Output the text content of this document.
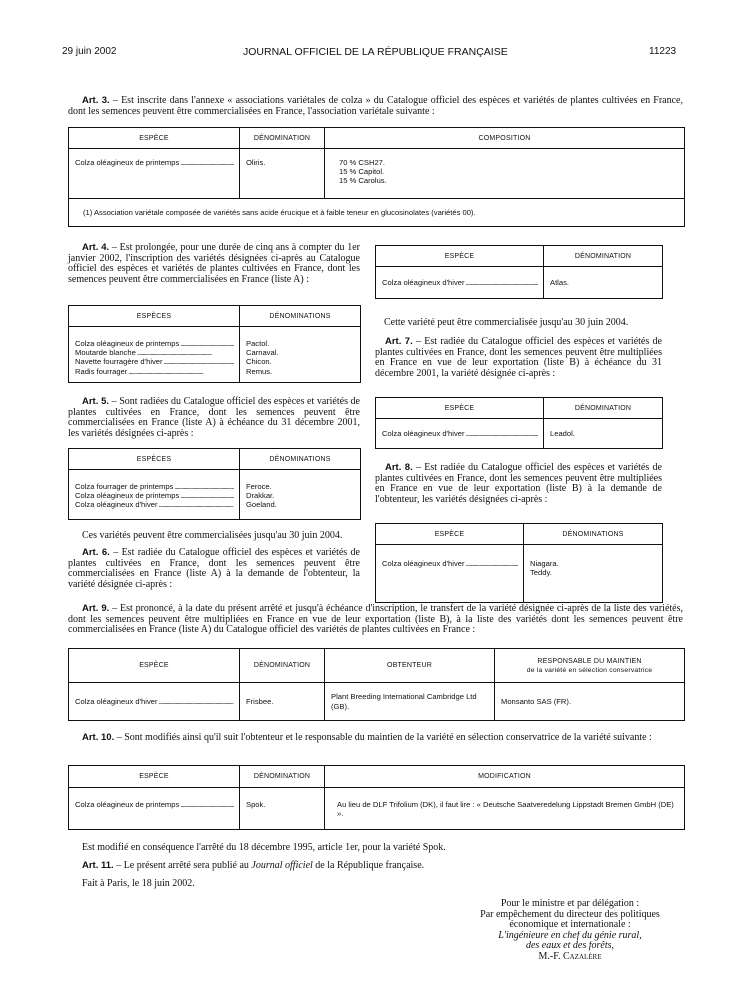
29 juin 2002	JOURNAL OFFICIEL DE LA RÉPUBLIQUE FRANÇAISE	11223

Art. 3. – Est inscrite dans l'annexe « associations variétales de colza » du Catalogue officiel des espèces et variétés de plantes cultivées en France, dont les semences peuvent être commercialisées en France, l'association variétale suivante :

ESPÈCE	DÉNOMINATION	COMPOSITION

Colza oléagineux de printemps .....	Oliris.	70 % CSH27.
15 % Capitol.
15 % Carolus.

(1) Association variétale composée de variétés sans acide érucique et à faible teneur en glucosinolates (variétés 00).		

Art. 4. – Est prolongée, pour une durée de cinq ans à compter du 1er janvier 2002, l'inscription des variétés désignées ci-après au Catalogue officiel des espèces et variétés de plantes cultivées en France, dont les semences peuvent être commercialisées en France (liste A) :

ESPÈCES	DÉNOMINATIONS

Colza oléagineux de printemps .....
Moutarde blanche .....
Navette fourragère d'hiver .....
Radis fourrager .....	Pactol.
Carnaval.
Chicon.
Remus.

Art. 5. – Sont radiées du Catalogue officiel des espèces et variétés de plantes cultivées en France, dont les semences peuvent être commercialisées en France (liste A) à échéance du 31 décembre 2001, les variétés désignées ci-après :

ESPÈCES	DÉNOMINATIONS

Colza fourrager de printemps .....
Colza oléagineux de printemps .....
Colza oléagineux d'hiver .....	Feroce.
Drakkar.
Goeland.

Ces variétés peuvent être commercialisées jusqu'au 30 juin 2004.

Art. 6. – Est radiée du Catalogue officiel des espèces et variétés de plantes cultivées en France, dont les semences peuvent être commercialisées en France (liste A) à la demande de l'obtenteur, la variété désignée ci-après :

ESPÈCE	DÉNOMINATION

Colza oléagineux d'hiver .....	Atlas.

Cette variété peut être commercialisée jusqu'au 30 juin 2004.

Art. 7. – Est radiée du Catalogue officiel des espèces et variétés de plantes cultivées en France, dont les semences peuvent être multipliées en France en vue de leur exportation (liste B) à échéance du 31 décembre 2001, la variété désignée ci-après :

ESPÈCE	DÉNOMINATION

Colza oléagineux d'hiver .....	Leadol.

Art. 8. – Est radiée du Catalogue officiel des espèces et variétés de plantes cultivées en France, dont les semences peuvent être multipliées en France en vue de leur exportation (liste B) à la demande de l'obtenteur, les variétés désignées ci-après :

ESPÈCE	DÉNOMINATIONS

Colza oléagineux d'hiver .....	Niagara.
Teddy.

Art. 9. – Est prononcé, à la date du présent arrêté et jusqu'à échéance d'inscription, le transfert de la variété désignée ci-après de la liste des variétés, dont les semences peuvent être multipliées en France en vue de leur exportation (liste B), à la liste des variétés dont les semences peuvent être commercialisées en France (liste A) du Catalogue officiel des variétés de plantes cultivées en France :

ESPÈCE	DÉNOMINATION	OBTENTEUR	RESPONSABLE DU MAINTIEN
de la variété en sélection conservatrice

Colza oléagineux d'hiver .....	Frisbee.	Plant Breeding International Cambridge Ltd (GB).	Monsanto SAS (FR).

Art. 10. – Sont modifiés ainsi qu'il suit l'obtenteur et le responsable du maintien de la variété en sélection conservatrice de la variété suivante :

ESPÈCE	DÉNOMINATION	MODIFICATION

Colza oléagineux de printemps .....	Spok.	Au lieu de DLF Trifolium (DK), il faut lire : « Deutsche Saatveredelung Lippstadt Bremen GmbH (DE) ».

Est modifié en conséquence l'arrêté du 18 décembre 1995, article 1er, pour la variété Spok.

Art. 11. – Le présent arrêté sera publié au Journal officiel de la République française.

Fait à Paris, le 18 juin 2002.

Pour le ministre et par délégation :
Par empêchement du directeur des politiques
économique et internationale :
L'ingénieure en chef du génie rural,
des eaux et des forêts,
M.-F. Cazalère
